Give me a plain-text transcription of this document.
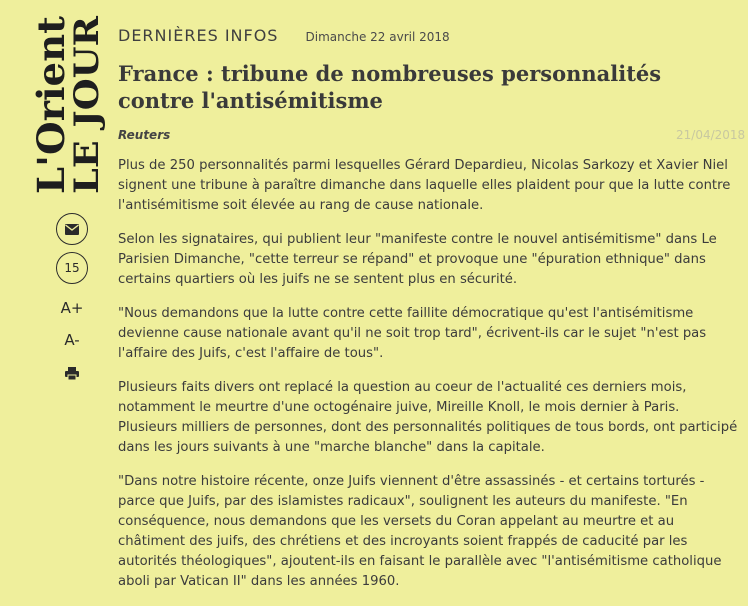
L'Orient
LE JOUR
15
A+
A-
DERNIÈRES INFOS Dimanche 22 avril 2018
France : tribune de nombreuses personnalités contre l'antisémitisme
Reuters	21/04/2018

Plus de 250 personnalités parmi lesquelles Gérard Depardieu, Nicolas Sarkozy et Xavier Niel signent une tribune à paraître dimanche dans laquelle elles plaident pour que la lutte contre l'antisémitisme soit élevée au rang de cause nationale.

Selon les signataires, qui publient leur "manifeste contre le nouvel antisémitisme" dans Le Parisien Dimanche, "cette terreur se répand" et provoque une "épuration ethnique" dans certains quartiers où les juifs ne se sentent plus en sécurité.

"Nous demandons que la lutte contre cette faillite démocratique qu'est l'antisémitisme devienne cause nationale avant qu'il ne soit trop tard", écrivent-ils car le sujet "n'est pas l'affaire des Juifs, c'est l'affaire de tous".

Plusieurs faits divers ont replacé la question au coeur de l'actualité ces derniers mois, notamment le meurtre d'une octogénaire juive, Mireille Knoll, le mois dernier à Paris. Plusieurs milliers de personnes, dont des personnalités politiques de tous bords, ont participé dans les jours suivants à une "marche blanche" dans la capitale.

"Dans notre histoire récente, onze Juifs viennent d'être assassinés - et certains torturés - parce que Juifs, par des islamistes radicaux", soulignent les auteurs du manifeste. "En conséquence, nous demandons que les versets du Coran appelant au meurtre et au châtiment des juifs, des chrétiens et des incroyants soient frappés de caducité par les autorités théologiques", ajoutent-ils en faisant le parallèle avec "l'antisémitisme catholique aboli par Vatican II" dans les années 1960.
